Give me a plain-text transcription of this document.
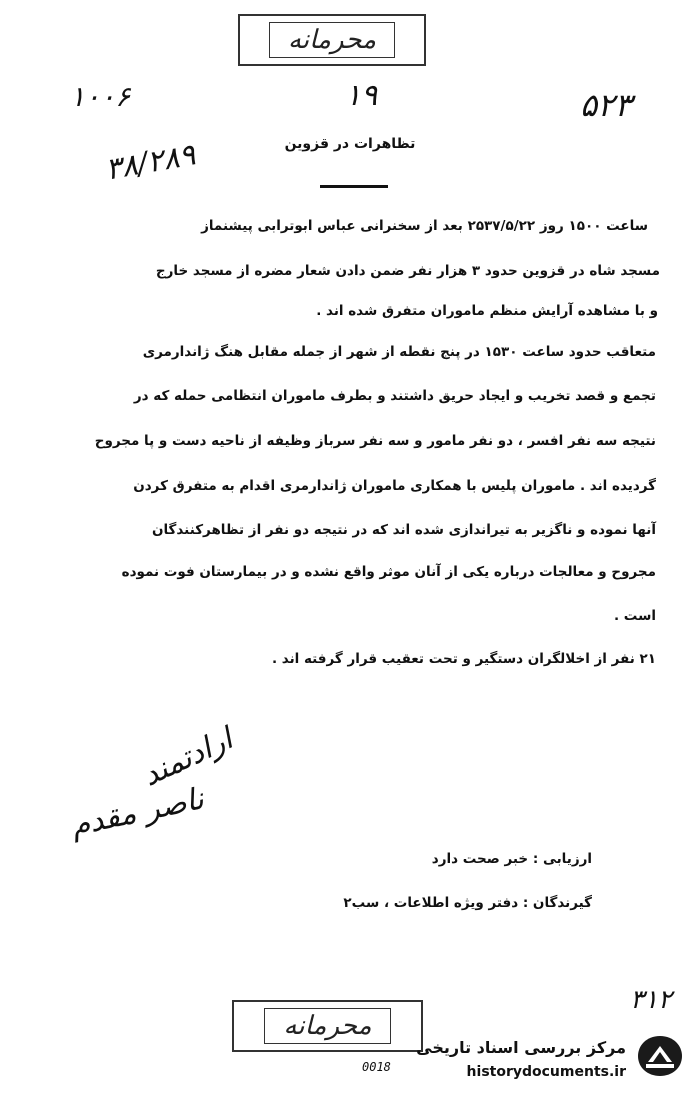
محرمانه
۱۰۰۶	۱۹	۵۲۳
۳۸/۲۸۹	تظاهرات در قزوین
ساعت ۱۵۰۰ روز ۲۵۳۷/۵/۲۲ بعد از سخنرانی عباس ابوترابی پیشنماز
مسجد شاه در قزوین حدود ۳ هزار نفر ضمن دادن شعار مضره از مسجد خارج
و با مشاهده آرایش منظم ماموران متفرق شده اند .
متعاقب حدود ساعت ۱۵۳۰ در پنج نقطه از شهر از جمله مقابل هنگ ژاندارمری
تجمع و قصد تخریب و ایجاد حریق داشتند و بطرف ماموران انتظامی حمله که در
نتیجه سه نفر افسر ، دو نفر مامور و سه نفر سرباز وظیفه از ناحیه دست و پا مجروح
گردیده اند . ماموران پلیس با همکاری ماموران ژاندارمری اقدام به متفرق کردن
آنها نموده و ناگزیر به تیراندازی شده اند که در نتیجه دو نفر از تظاهرکنندگان
مجروح و معالجات درباره یکی از آنان موثر واقع نشده و در بیمارستان فوت نموده
است .
۲۱ نفر از اخلالگران دستگیر و تحت تعقیب قرار گرفته اند .
ارادتمند
ناصر مقدم
ارزیابی : خبر صحت دارد
گیرندگان : دفتر ویژه اطلاعات ، سب۲
۳۱۲
محرمانه
0018
مرکز بررسی اسناد تاریخی
historydocuments.ir
